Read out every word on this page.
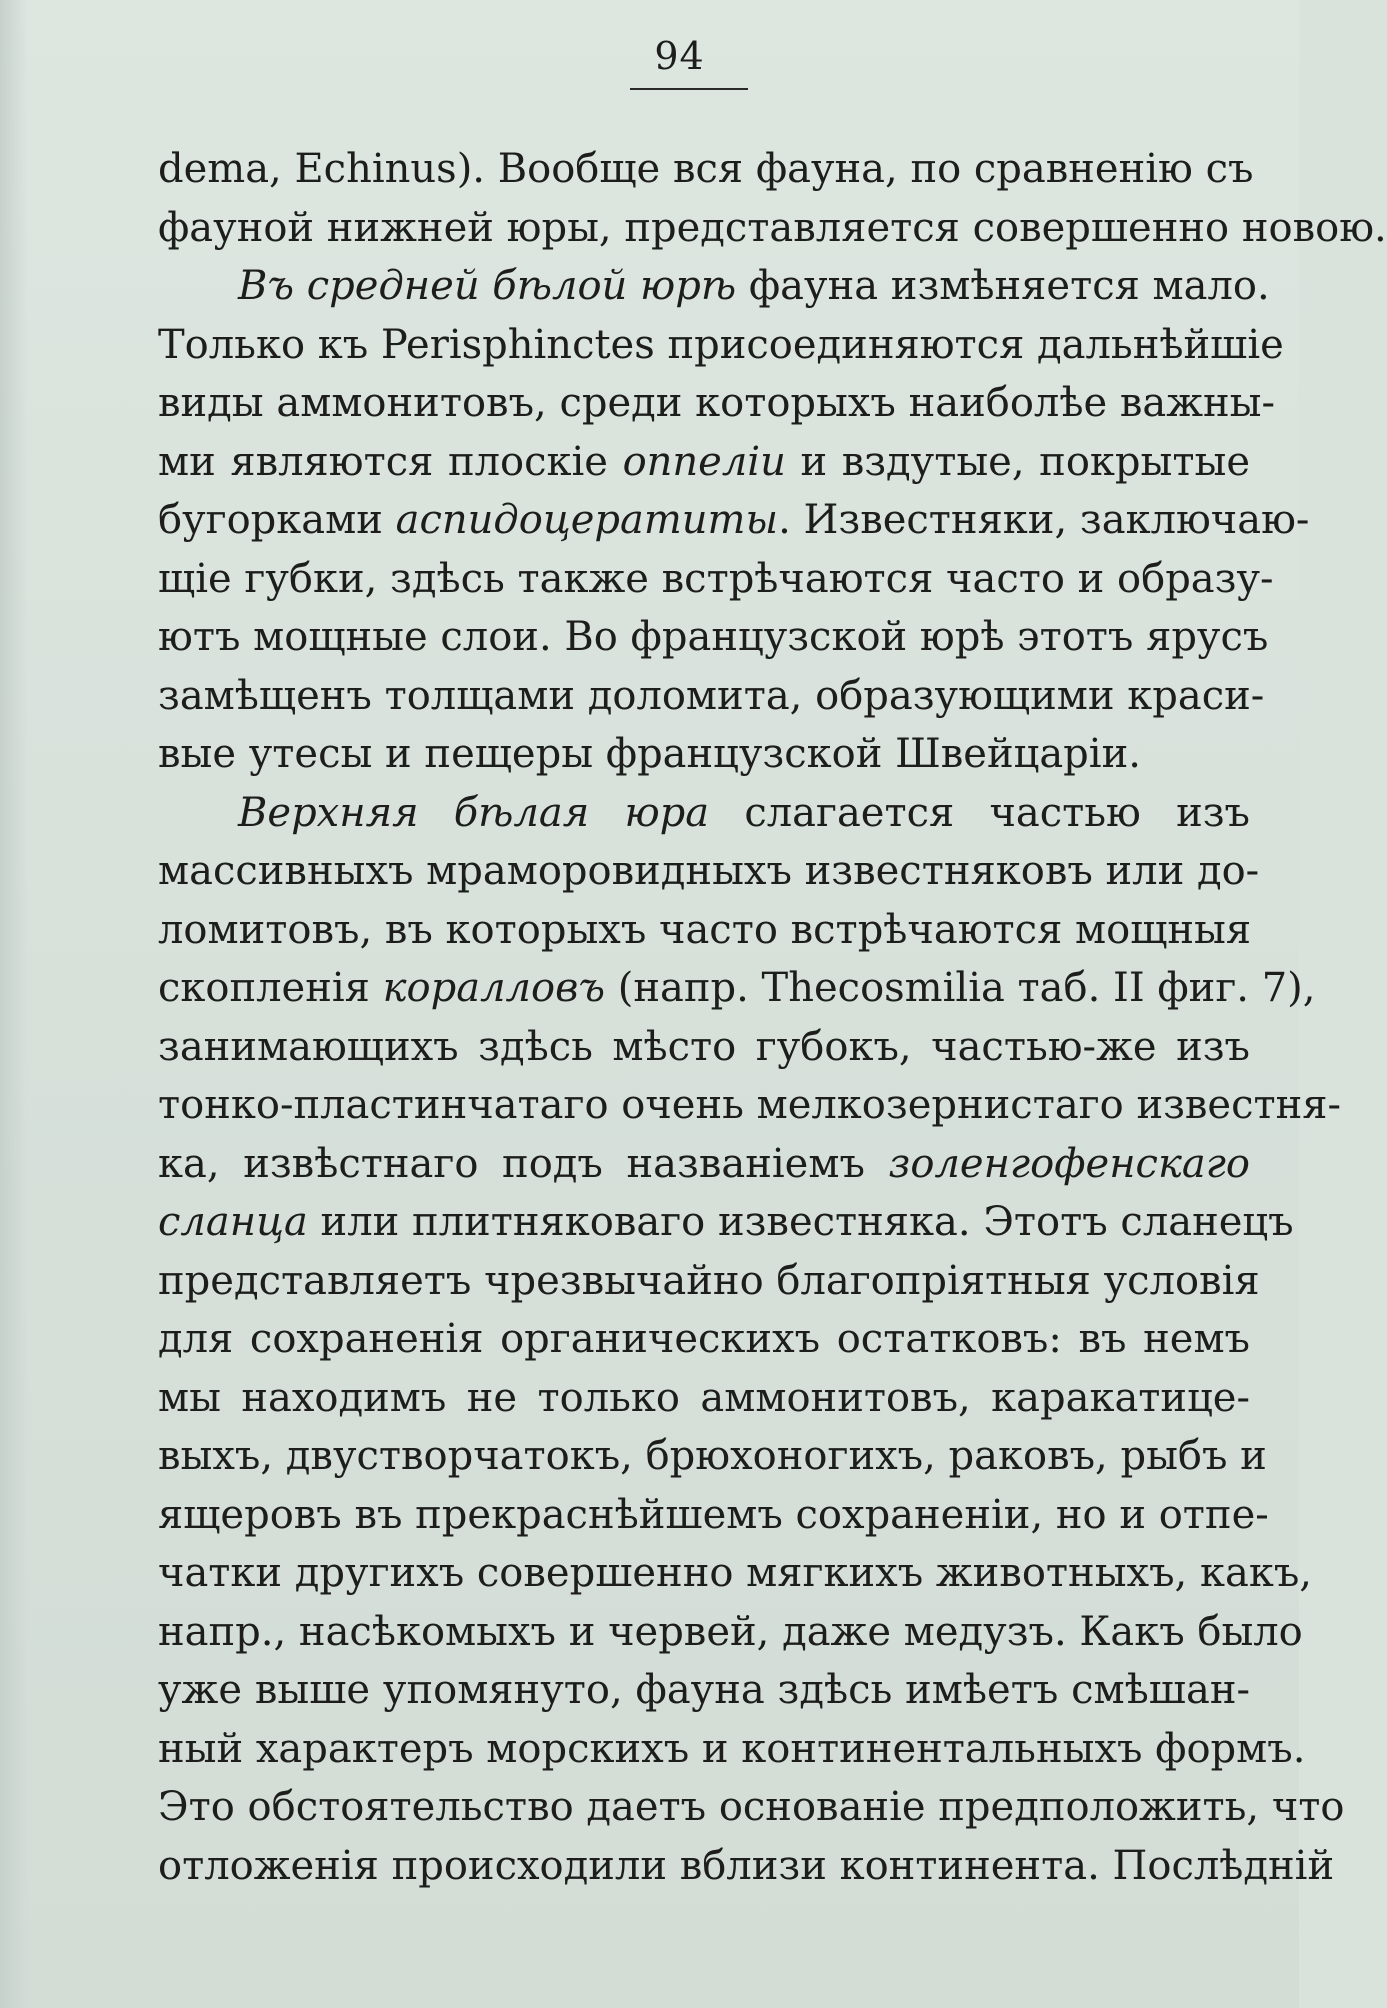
94
dema, Echinus). Вообще вся фауна, по сравненію съ
фауной нижней юры, представляется совершенно новою.
Въ средней бѣлой юрѣ фауна измѣняется мало.
Только къ Perisphinctes присоединяются дальнѣйшіе
виды аммонитовъ, среди которыхъ наиболѣе важны-
ми являются плоскіе оппеліи и вздутые, покрытые
бугорками аспидоцератиты. Известняки, заключаю-
щіе губки, здѣсь также встрѣчаются часто и образу-
ютъ мощные слои. Во французской юрѣ этотъ ярусъ
замѣщенъ толщами доломита, образующими краси-
вые утесы и пещеры французской Швейцаріи.
Верхняя бѣлая юра слагается частью изъ
массивныхъ мраморовидныхъ известняковъ или до-
ломитовъ, въ которыхъ часто встрѣчаются мощныя
скопленія коралловъ (напр. Thecosmilia таб. II фиг. 7),
занимающихъ здѣсь мѣсто губокъ, частью-же изъ
тонко-пластинчатаго очень мелкозернистаго известня-
ка, извѣстнаго подъ названіемъ золенгофенскаго
сланца или плитняковаго известняка. Этотъ сланецъ
представляетъ чрезвычайно благопріятныя условія
для сохраненія органическихъ остатковъ: въ немъ
мы находимъ не только аммонитовъ, каракатице-
выхъ, двустворчатокъ, брюхоногихъ, раковъ, рыбъ и
ящеровъ въ прекраснѣйшемъ сохраненіи, но и отпе-
чатки другихъ совершенно мягкихъ животныхъ, какъ,
напр., насѣкомыхъ и червей, даже медузъ. Какъ было
уже выше упомянуто, фауна здѣсь имѣетъ смѣшан-
ный характеръ морскихъ и континентальныхъ формъ.
Это обстоятельство даетъ основаніе предположить, что
отложенія происходили вблизи континента. Послѣдній
